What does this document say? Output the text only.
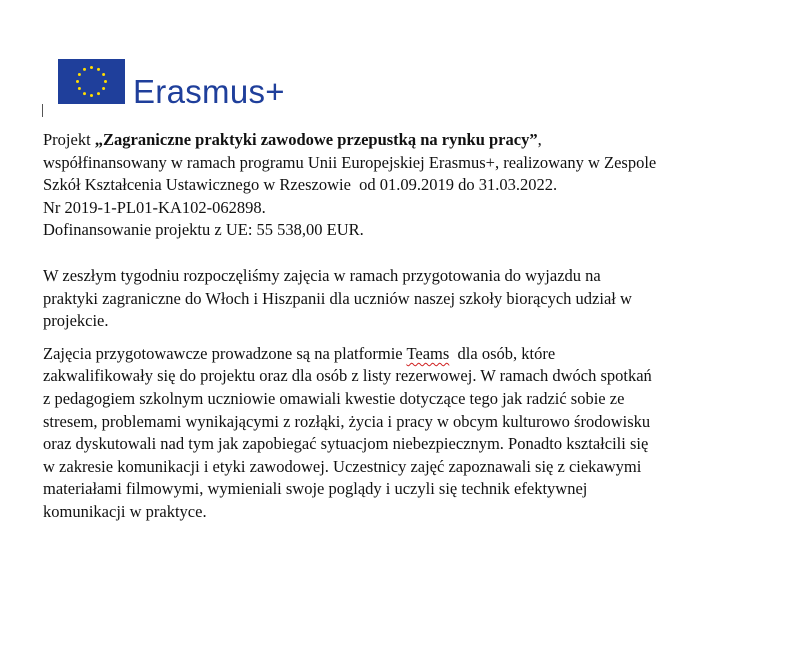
Erasmus+

Projekt „Zagraniczne praktyki zawodowe przepustką na rynku pracy”,

współfinansowany w ramach programu Unii Europejskiej Erasmus+, realizowany w Zespole

Szkół Kształcenia Ustawicznego w Rzeszowie  od 01.09.2019 do 31.03.2022.

Nr 2019-1-PL01-KA102-062898.

Dofinansowanie projektu z UE: 55 538,00 EUR.

W zeszłym tygodniu rozpoczęliśmy zajęcia w ramach przygotowania do wyjazdu na

praktyki zagraniczne do Włoch i Hiszpanii dla uczniów naszej szkoły biorących udział w

projekcie.

Zajęcia przygotowawcze prowadzone są na platformie Teams  dla osób, które

zakwalifikowały się do projektu oraz dla osób z listy rezerwowej. W ramach dwóch spotkań

z pedagogiem szkolnym uczniowie omawiali kwestie dotyczące tego jak radzić sobie ze

stresem, problemami wynikającymi z rozłąki, życia i pracy w obcym kulturowo środowisku

oraz dyskutowali nad tym jak zapobiegać sytuacjom niebezpiecznym. Ponadto kształcili się

w zakresie komunikacji i etyki zawodowej. Uczestnicy zajęć zapoznawali się z ciekawymi

materiałami filmowymi, wymieniali swoje poglądy i uczyli się technik efektywnej

komunikacji w praktyce.
